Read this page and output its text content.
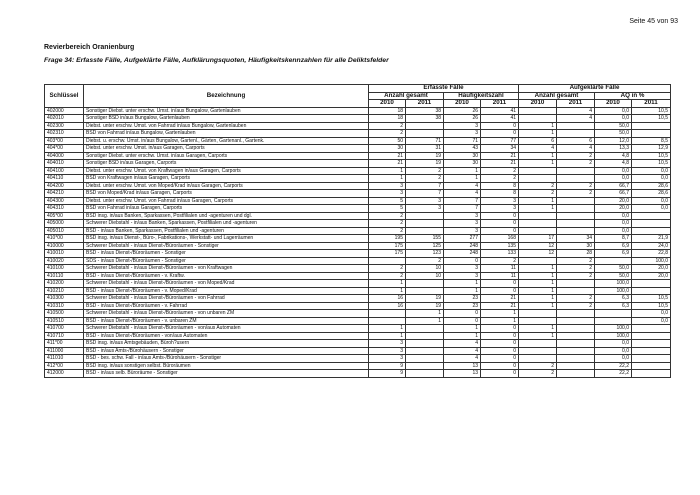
Seite 45 von 93
Revierbereich Oranienburg
Frage 34: Erfasste Fälle, Aufgeklärte Fälle, Aufklärungsquoten, Häufigkeitskennzahlen für alle Deliktsfelder
Schlüssel	Bezeichnung	Erfasste Fälle				Aufgeklärte Fälle			
		Anzahl gesamt		Häufigkeitszahl		Anzahl gesamt		AQ in %	
		2010	2011	2010	2011	2010	2011	2010	2011
402000	Sonstiger Diebst. unter erschw. Umst. in/aus Bungalow, Gartenlauben	18	38	26	41		4	0,0	10,5
402010	Sonstiger BSD in/aus Bungalow, Gartenlauben	18	38	26	41		4	0,0	10,5
402300	Diebst. unter erschw. Umst. von Fahrrad in/aus Bungalow, Gartenlauben	2		3	0	1		50,0	
402310	BSD von Fahrrad in/aus Bungalow, Gartenlauben	2		3	0	1		50,0	
403*00	Diebst. u. erschw. Umst. in/aus Bungalow, Gartenl., Gärten, Gartenanl., Gartenk.	50	71	71	77	6	6	12,0	8,5
404*00	Diebst. unter erschw. Umst. in/aus Garagen, Carports	30	31	43	34	4	4	13,3	12,9
404000	Sonstiger Diebst. unter erschw. Umst. in/aus Garagen, Carports	21	19	30	21	1	2	4,8	10,5
404010	Sonstiger BSD in/aus Garagen, Carports	21	19	30	21	1	2	4,8	10,5
404100	Diebst. unter erschw. Umst. von Kraftwagen in/aus Garagen, Carports	1	2	1	2			0,0	0,0
404110	BSD von Kraftwagen in/aus Garagen, Carports	1	2	1	2			0,0	0,0
404200	Diebst. unter erschw. Umst. von Moped/Krad in/aus Garagen, Carports	3	7	4	8	2	2	66,7	28,6
404210	BSD von Moped/Krad in/aus Garagen, Carports	3	7	4	8	2	2	66,7	28,6
404300	Diebst. unter erschw. Umst. von Fahrrad in/aus Garagen, Carports	5	3	7	3	1		20,0	0,0
404310	BSD von Fahrrad in/aus Garagen, Carports	5	3	7	3	1		20,0	0,0
405*00	BSD insg. in/aus Banken, Sparkassen, Postfilialen und -agenturen und dgl.	2		3	0			0,0	
405000	Schwerer Diebstahl - in/aus Banken, Sparkassen, Postfilialen und -agenturen	2		3	0			0,0	
405010	BSD - in/aus Banken, Sparkassen, Postfilialen und -agenturen	2		3	0			0,0	
410*00	BSD insg. in/aus Dienst-, Büro-, Fabrikations-, Werkstatt- und Lagerräumen	195	155	277	168	17	34	8,7	21,9
410000	Schwerer Diebstahl - in/aus Dienst-/Büroräumen - Sonstiger	175	125	248	135	12	30	6,9	24,0
410010	BSD - in/aus Dienst-/Büroräumen - Sonstiger	175	123	248	133	12	28	6,9	22,8
410020	SDS - in/aus Dienst-/Büroräumen - Sonstiger		2	0	2		2		100,0
410100	Schwerer Diebstahl - in/aus Dienst-/Büroräumen - von Kraftwagen	2	10	3	11	1	2	50,0	20,0
410110	BSD - in/aus Dienst-/Büroräumen - v. Kraftw.	2	10	3	11	1	2	50,0	20,0
410200	Schwerer Diebstahl - in/aus Dienst-/Büroräumen - von Moped/Krad	1		1	0	1		100,0	
410210	BSD - in/aus Dienst-/Büroräumen - v. Moped/Krad	1		1	0	1		100,0	
410300	Schwerer Diebstahl - in/aus Dienst-/Büroräumen - von Fahrrad	16	19	23	21	1	2	6,3	10,5
410310	BSD - in/aus Dienst-/Büroräumen - v. Fahrrad	16	19	23	21	1	2	6,3	10,5
410500	Schwerer Diebstahl - in/aus Dienst-/Büroräumen - von unbaren ZM		1	0	1				0,0
410510	BSD - in/aus Dienst-/Büroräumen - v. unbaren ZM		1	0	1				0,0
410700	Schwerer Diebstahl - in/aus Dienst-/Büroräumen - von/aus Automaten	1		1	0	1		100,0	
410710	BSD - in/aus Dienst-/Büroräumen - von/aus Automaten	1		1	0	1		100,0	
411*00	BSD insg. in/aus Amtsgebäuden, Büroh?usern	3		4	0			0,0	
411000	BSD - in/aus Amts-/Bürohäusern - Sonstiger	3		4	0			0,0	
411010	BSD - bes. schw. Fall - in/aus Amts-/Bürohäusern - Sonstiger	3		4	0			0,0	
412*00	BSD insg. in/aus sonstigen selbst. Büroräumen	9		13	0	2		22,2	
412000	BSD - in/aus selb. Büroräume - Sonstiger	9		13	0	2		22,2	
